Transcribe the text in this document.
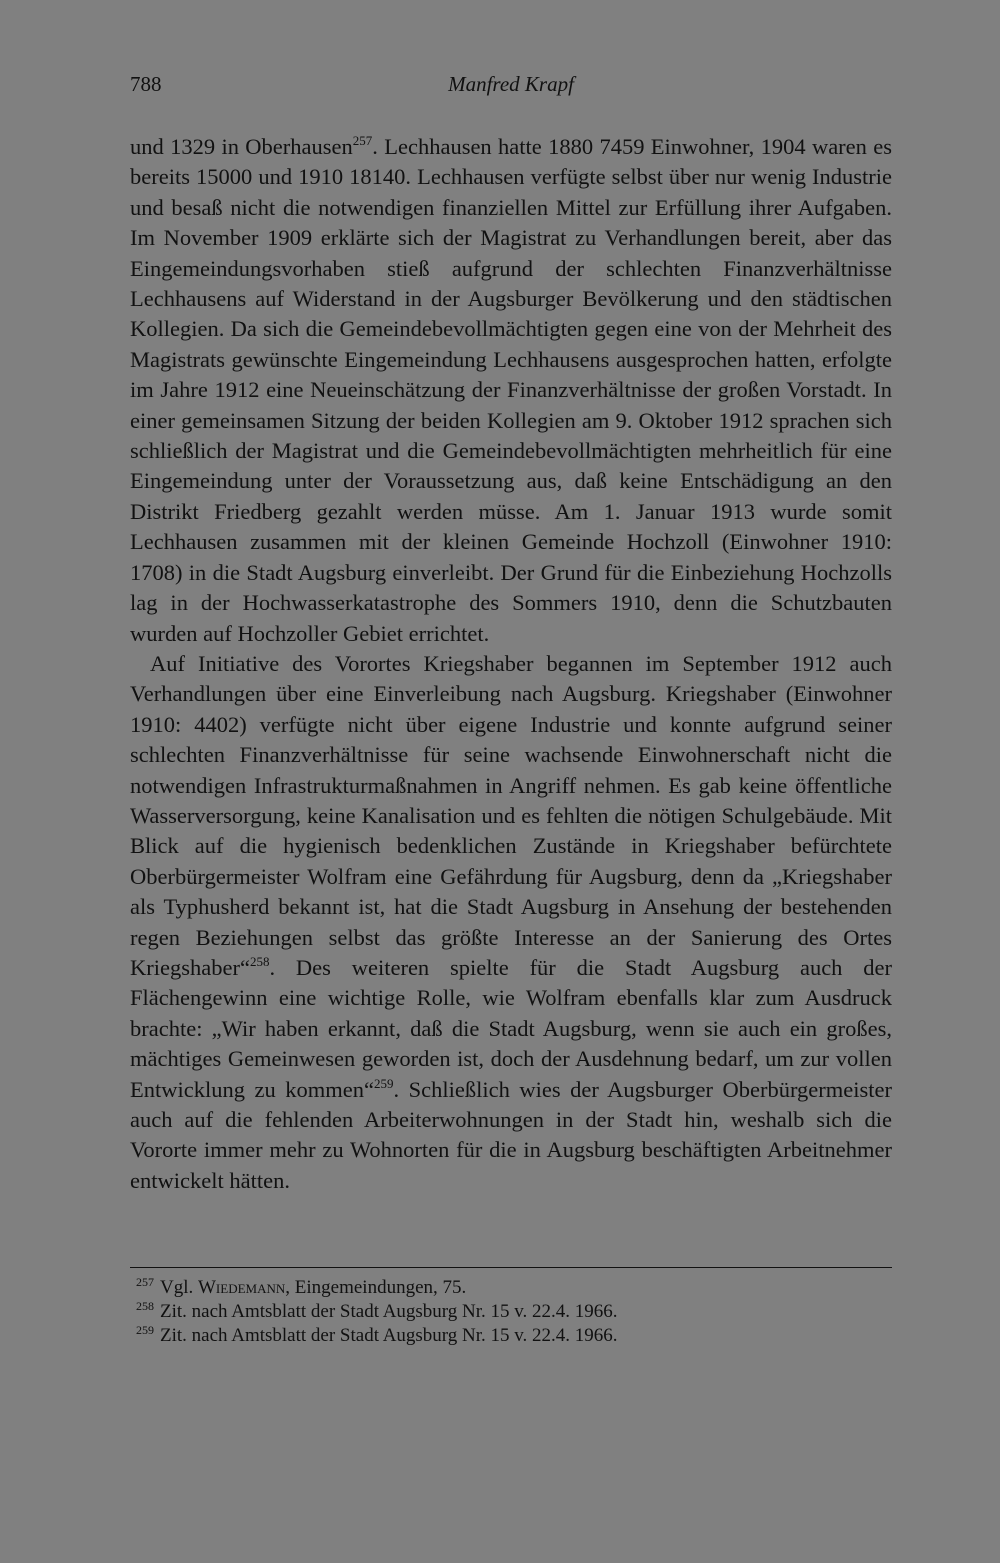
788	Manfred Krapf

und 1329 in Oberhausen$^{257}$. Lechhausen hatte 1880 7459 Einwohner, 1904 waren es bereits 15000 und 1910 18140. Lechhausen verfügte selbst über nur wenig Industrie und besaß nicht die notwendigen finanziellen Mittel zur Erfüllung ihrer Aufgaben. Im November 1909 erklärte sich der Magistrat zu Verhandlungen bereit, aber das Eingemeindungsvorhaben stieß aufgrund der schlechten Finanzverhältnisse Lechhausens auf Widerstand in der Augsburger Bevölkerung und den städtischen Kollegien. Da sich die Gemeindebevollmächtigten gegen eine von der Mehrheit des Magistrats gewünschte Eingemeindung Lechhausens ausgesprochen hatten, erfolgte im Jahre 1912 eine Neueinschätzung der Finanzverhältnisse der großen Vorstadt. In einer gemeinsamen Sitzung der beiden Kollegien am 9. Oktober 1912 sprachen sich schließlich der Magistrat und die Gemeindebevollmächtigten mehrheitlich für eine Eingemeindung unter der Voraussetzung aus, daß keine Entschädigung an den Distrikt Friedberg gezahlt werden müsse. Am 1. Januar 1913 wurde somit Lechhausen zusammen mit der kleinen Gemeinde Hochzoll (Einwohner 1910: 1708) in die Stadt Augsburg einverleibt. Der Grund für die Einbeziehung Hochzolls lag in der Hochwasserkatastrophe des Sommers 1910, denn die Schutzbauten wurden auf Hochzoller Gebiet errichtet.

Auf Initiative des Vorortes Kriegshaber begannen im September 1912 auch Verhandlungen über eine Einverleibung nach Augsburg. Kriegshaber (Einwohner 1910: 4402) verfügte nicht über eigene Industrie und konnte aufgrund seiner schlechten Finanzverhältnisse für seine wachsende Einwohnerschaft nicht die notwendigen Infrastrukturmaßnahmen in Angriff nehmen. Es gab keine öffentliche Wasserversorgung, keine Kanalisation und es fehlten die nötigen Schulgebäude. Mit Blick auf die hygienisch bedenklichen Zustände in Kriegshaber befürchtete Oberbürgermeister Wolfram eine Gefährdung für Augsburg, denn da „Kriegshaber als Typhusherd bekannt ist, hat die Stadt Augsburg in Ansehung der bestehenden regen Beziehungen selbst das größte Interesse an der Sanierung des Ortes Kriegshaber“$^{258}$. Des weiteren spielte für die Stadt Augsburg auch der Flächengewinn eine wichtige Rolle, wie Wolfram ebenfalls klar zum Ausdruck brachte: „Wir haben erkannt, daß die Stadt Augsburg, wenn sie auch ein großes, mächtiges Gemeinwesen geworden ist, doch der Ausdehnung bedarf, um zur vollen Entwicklung zu kommen“$^{259}$. Schließlich wies der Augsburger Oberbürgermeister auch auf die fehlenden Arbeiterwohnungen in der Stadt hin, weshalb sich die Vororte immer mehr zu Wohnorten für die in Augsburg beschäftigten Arbeitnehmer entwickelt hätten.

$^{257}$ Vgl. Wiedemann, Eingemeindungen, 75.

$^{258}$ Zit. nach Amtsblatt der Stadt Augsburg Nr. 15 v. 22.4. 1966.

$^{259}$ Zit. nach Amtsblatt der Stadt Augsburg Nr. 15 v. 22.4. 1966.
